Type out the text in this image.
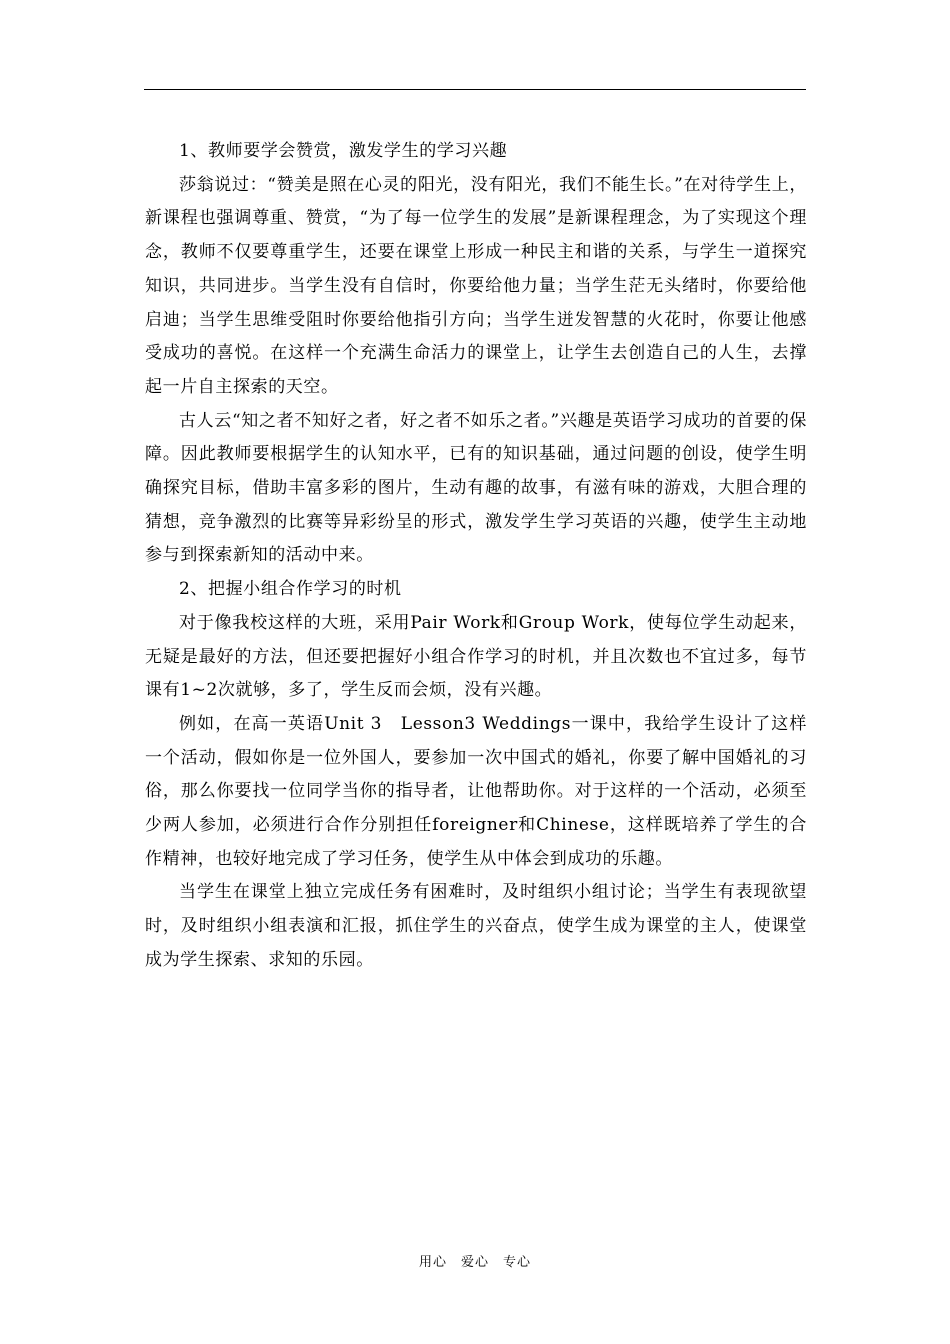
1、教师要学会赞赏，激发学生的学习兴趣

莎翁说过：“赞美是照在心灵的阳光，没有阳光，我们不能生长。”在对待学生上，新课程也强调尊重、赞赏，“为了每一位学生的发展”是新课程理念，为了实现这个理念，教师不仅要尊重学生，还要在课堂上形成一种民主和谐的关系，与学生一道探究知识，共同进步。当学生没有自信时，你要给他力量；当学生茫无头绪时，你要给他启迪；当学生思维受阻时你要给他指引方向；当学生迸发智慧的火花时，你要让他感受成功的喜悦。在这样一个充满生命活力的课堂上，让学生去创造自己的人生，去撑起一片自主探索的天空。

古人云“知之者不知好之者，好之者不如乐之者。”兴趣是英语学习成功的首要的保障。因此教师要根据学生的认知水平，已有的知识基础，通过问题的创设，使学生明确探究目标，借助丰富多彩的图片，生动有趣的故事，有滋有味的游戏，大胆合理的猜想，竞争激烈的比赛等异彩纷呈的形式，激发学生学习英语的兴趣，使学生主动地参与到探索新知的活动中来。

2、把握小组合作学习的时机

对于像我校这样的大班，采用Pair Work和Group Work，使每位学生动起来，无疑是最好的方法，但还要把握好小组合作学习的时机，并且次数也不宜过多，每节课有1~2次就够，多了，学生反而会烦，没有兴趣。

例如，在高一英语Unit 3　Lesson3 Weddings一课中，我给学生设计了这样一个活动，假如你是一位外国人，要参加一次中国式的婚礼，你要了解中国婚礼的习俗，那么你要找一位同学当你的指导者，让他帮助你。对于这样的一个活动，必须至少两人参加，必须进行合作分别担任foreigner和Chinese，这样既培养了学生的合作精神，也较好地完成了学习任务，使学生从中体会到成功的乐趣。

当学生在课堂上独立完成任务有困难时，及时组织小组讨论；当学生有表现欲望时，及时组织小组表演和汇报，抓住学生的兴奋点，使学生成为课堂的主人，使课堂成为学生探索、求知的乐园。

用心　爱心　专心
